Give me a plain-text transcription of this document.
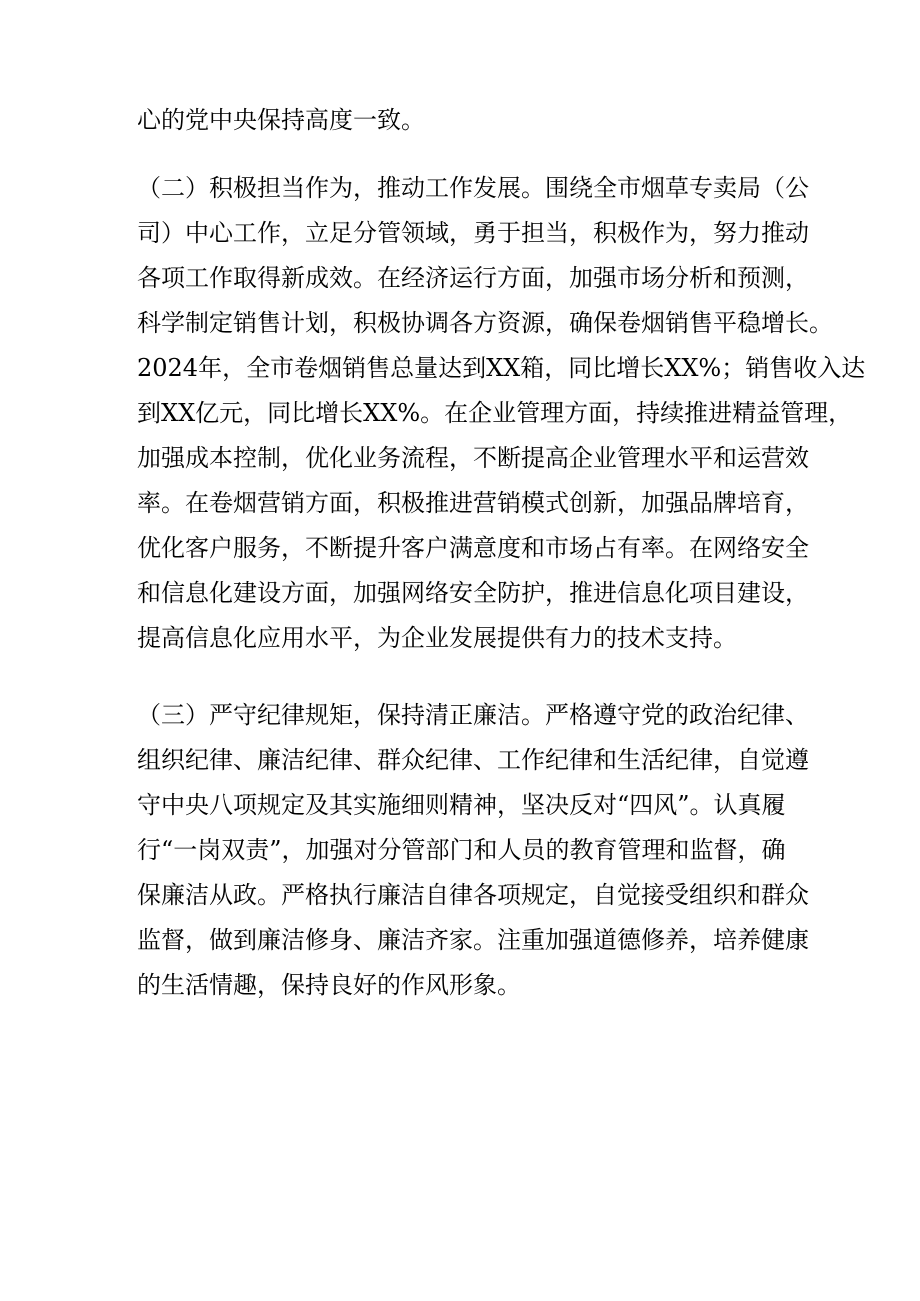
心的党中央保持高度一致。
（二）积极担当作为，推动工作发展。围绕全市烟草专卖局（公
司）中心工作，立足分管领域，勇于担当，积极作为，努力推动
各项工作取得新成效。在经济运行方面，加强市场分析和预测，
科学制定销售计划，积极协调各方资源，确保卷烟销售平稳增长。
2024年，全市卷烟销售总量达到XX箱，同比增长XX%；销售收入达
到XX亿元，同比增长XX%。在企业管理方面，持续推进精益管理，
加强成本控制，优化业务流程，不断提高企业管理水平和运营效
率。在卷烟营销方面，积极推进营销模式创新，加强品牌培育，
优化客户服务，不断提升客户满意度和市场占有率。在网络安全
和信息化建设方面，加强网络安全防护，推进信息化项目建设，
提高信息化应用水平，为企业发展提供有力的技术支持。
（三）严守纪律规矩，保持清正廉洁。严格遵守党的政治纪律、
组织纪律、廉洁纪律、群众纪律、工作纪律和生活纪律，自觉遵
守中央八项规定及其实施细则精神，坚决反对“四风”。认真履
行“一岗双责”，加强对分管部门和人员的教育管理和监督，确
保廉洁从政。严格执行廉洁自律各项规定，自觉接受组织和群众
监督，做到廉洁修身、廉洁齐家。注重加强道德修养，培养健康
的生活情趣，保持良好的作风形象。
